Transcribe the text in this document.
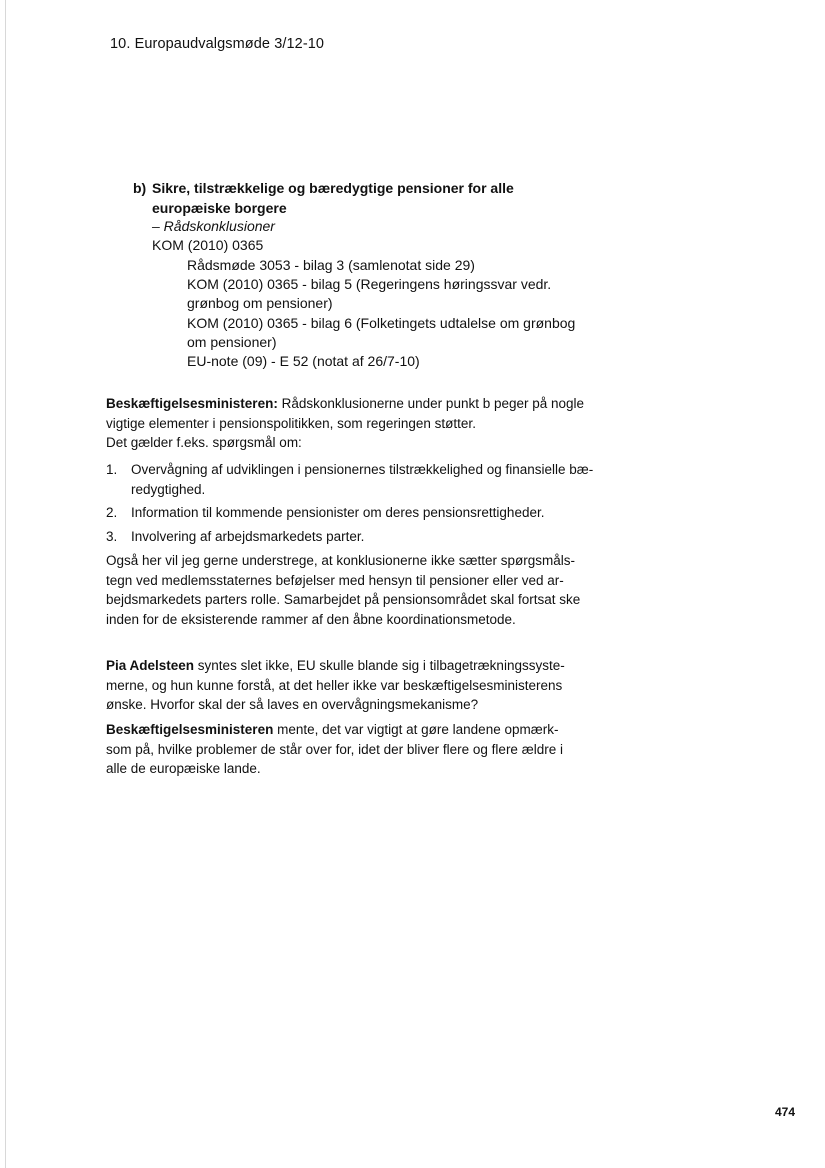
10. Europaudvalgsmøde 3/12-10
b) Sikre, tilstrækkelige og bæredygtige pensioner for alle
europæiske borgere
– Rådskonklusioner
KOM (2010) 0365
Rådsmøde 3053 - bilag 3 (samlenotat side 29)
KOM (2010) 0365 - bilag 5 (Regeringens høringssvar vedr.
grønbog om pensioner)
KOM (2010) 0365 - bilag 6 (Folketingets udtalelse om grønbog
om pensioner)
EU-note (09) - E 52 (notat af 26/7-10)

Beskæftigelsesministeren: Rådskonklusionerne under punkt b peger på nogle

vigtige elementer i pensionspolitikken, som regeringen støtter.

Det gælder f.eks. spørgsmål om:

1. Overvågning af udviklingen i pensionernes tilstrækkelighed og finansielle bæ-

redygtighed.

2. Information til kommende pensionister om deres pensionsrettigheder.

3. Involvering af arbejdsmarkedets parter.

Også her vil jeg gerne understrege, at konklusionerne ikke sætter spørgsmåls-

tegn ved medlemsstaternes beføjelser med hensyn til pensioner eller ved ar-

bejdsmarkedets parters rolle. Samarbejdet på pensionsområdet skal fortsat ske

inden for de eksisterende rammer af den åbne koordinationsmetode.

Pia Adelsteen syntes slet ikke, EU skulle blande sig i tilbagetrækningssyste-

merne, og hun kunne forstå, at det heller ikke var beskæftigelsesministerens

ønske. Hvorfor skal der så laves en overvågningsmekanisme?

Beskæftigelsesministeren mente, det var vigtigt at gøre landene opmærk-

som på, hvilke problemer de står over for, idet der bliver flere og flere ældre i

alle de europæiske lande.

474
